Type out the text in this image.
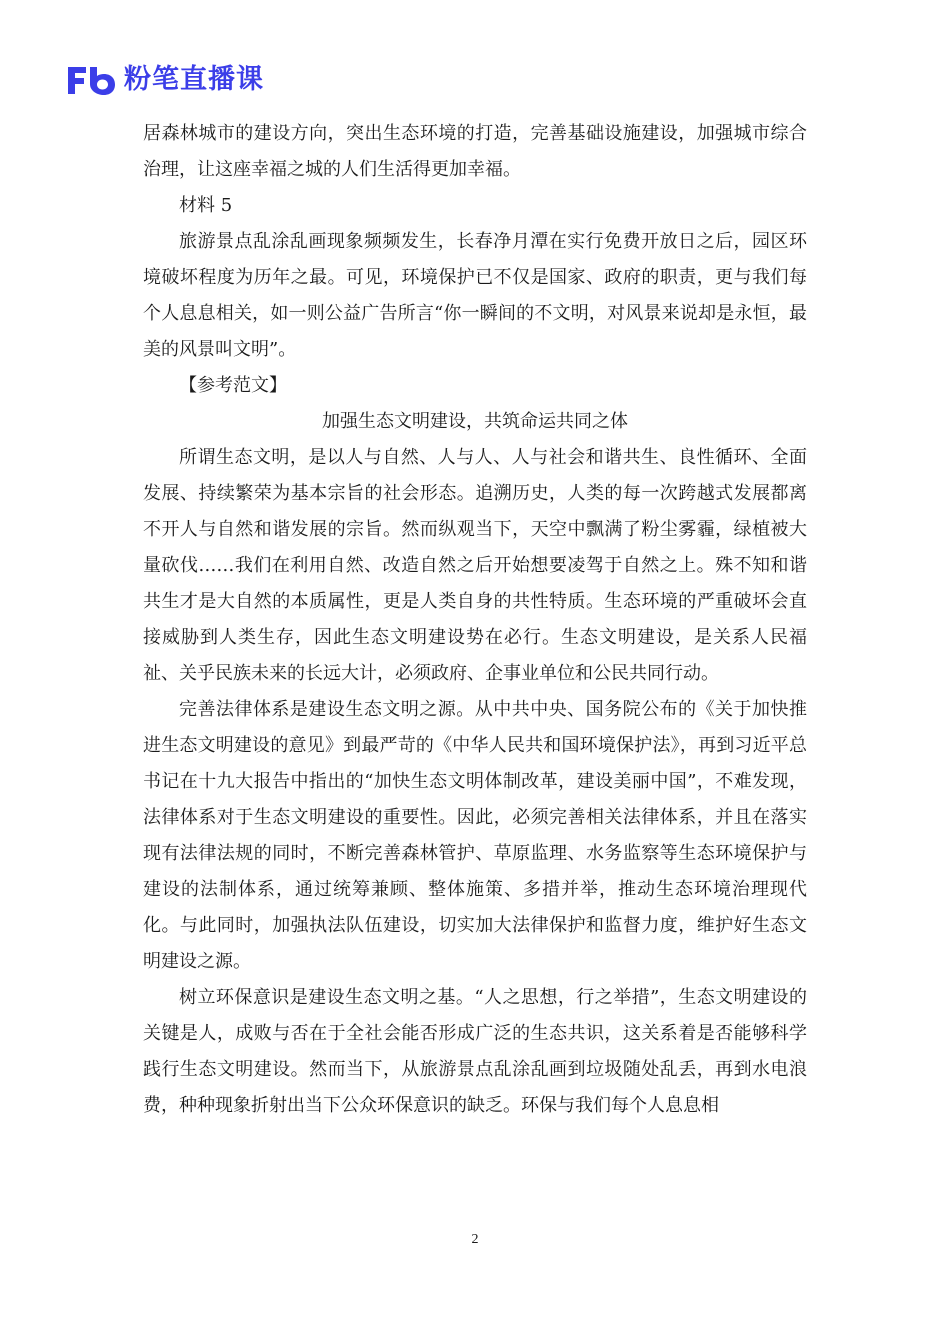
粉笔直播课

居森林城市的建设方向，突出生态环境的打造，完善基础设施建设，加强城市综合治理，让这座幸福之城的人们生活得更加幸福。

材料 5

旅游景点乱涂乱画现象频频发生，长春净月潭在实行免费开放日之后，园区环境破坏程度为历年之最。可见，环境保护已不仅是国家、政府的职责，更与我们每个人息息相关，如一则公益广告所言“你一瞬间的不文明，对风景来说却是永恒，最美的风景叫文明”。

【参考范文】

加强生态文明建设，共筑命运共同之体

所谓生态文明，是以人与自然、人与人、人与社会和谐共生、良性循环、全面发展、持续繁荣为基本宗旨的社会形态。追溯历史，人类的每一次跨越式发展都离不开人与自然和谐发展的宗旨。然而纵观当下，天空中飘满了粉尘雾霾，绿植被大量砍伐……我们在利用自然、改造自然之后开始想要凌驾于自然之上。殊不知和谐共生才是大自然的本质属性，更是人类自身的共性特质。生态环境的严重破坏会直接威胁到人类生存，因此生态文明建设势在必行。生态文明建设，是关系人民福祉、关乎民族未来的长远大计，必须政府、企事业单位和公民共同行动。

完善法律体系是建设生态文明之源。从中共中央、国务院公布的《关于加快推进生态文明建设的意见》到最严苛的《中华人民共和国环境保护法》，再到习近平总书记在十九大报告中指出的“加快生态文明体制改革，建设美丽中国”，不难发现，法律体系对于生态文明建设的重要性。因此，必须完善相关法律体系，并且在落实现有法律法规的同时，不断完善森林管护、草原监理、水务监察等生态环境保护与建设的法制体系，通过统筹兼顾、整体施策、多措并举，推动生态环境治理现代化。与此同时，加强执法队伍建设，切实加大法律保护和监督力度，维护好生态文明建设之源。

树立环保意识是建设生态文明之基。“人之思想，行之举措”，生态文明建设的关键是人，成败与否在于全社会能否形成广泛的生态共识，这关系着是否能够科学践行生态文明建设。然而当下，从旅游景点乱涂乱画到垃圾随处乱丢，再到水电浪费，种种现象折射出当下公众环保意识的缺乏。环保与我们每个人息息相

2
